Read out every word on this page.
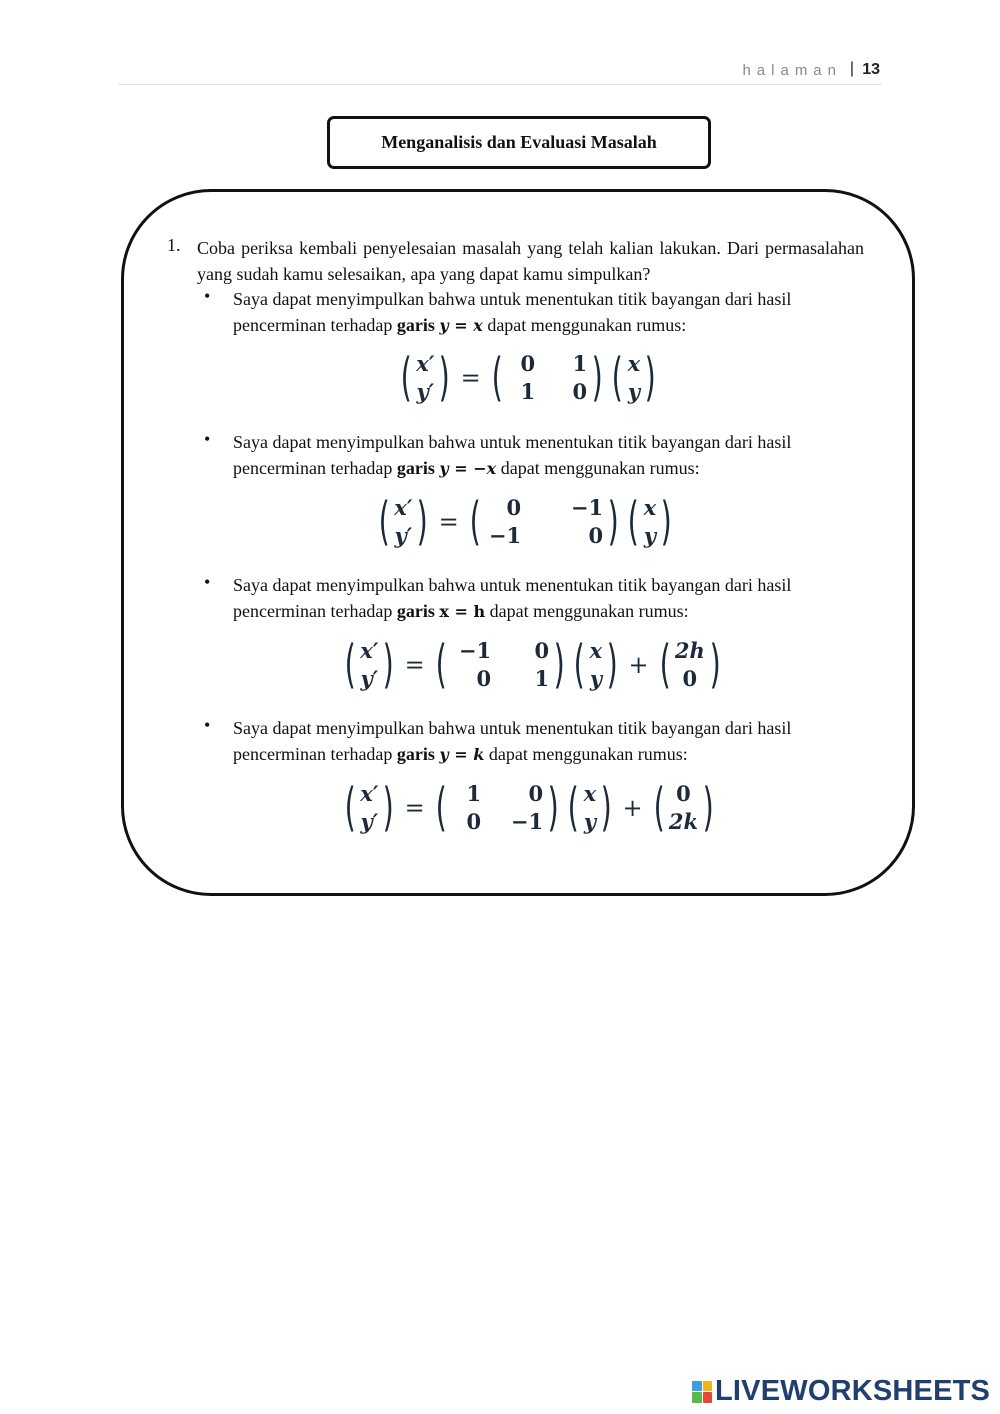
halaman | 13
Menganalisis dan Evaluasi Masalah
1. Coba periksa kembali penyelesaian masalah yang telah kalian lakukan. Dari permasalahan yang sudah kamu selesaikan, apa yang dapat kamu simpulkan?
• Saya dapat menyimpulkan bahwa untuk menentukan titik bayangan dari hasil
pencerminan terhadap garis y = x dapat menggunakan rumus:
( x′
y′ ) = ( 0	1
1	0 ) ( x
y )
• Saya dapat menyimpulkan bahwa untuk menentukan titik bayangan dari hasil
pencerminan terhadap garis y = −x dapat menggunakan rumus:
( x′
y′ ) = (	0	−1
−1	0 ) ( x
y )
• Saya dapat menyimpulkan bahwa untuk menentukan titik bayangan dari hasil
pencerminan terhadap garis x = h dapat menggunakan rumus:
( x′
y′ ) = ( −1	0
0	1 ) ( x
y ) + ( 2h
0 )
• Saya dapat menyimpulkan bahwa untuk menentukan titik bayangan dari hasil
pencerminan terhadap garis y = k dapat menggunakan rumus:
( x′
y′ ) = ( 1	0
0	−1 ) ( x
y ) + ( 0
2k )
LIVEWORKSHEETS
